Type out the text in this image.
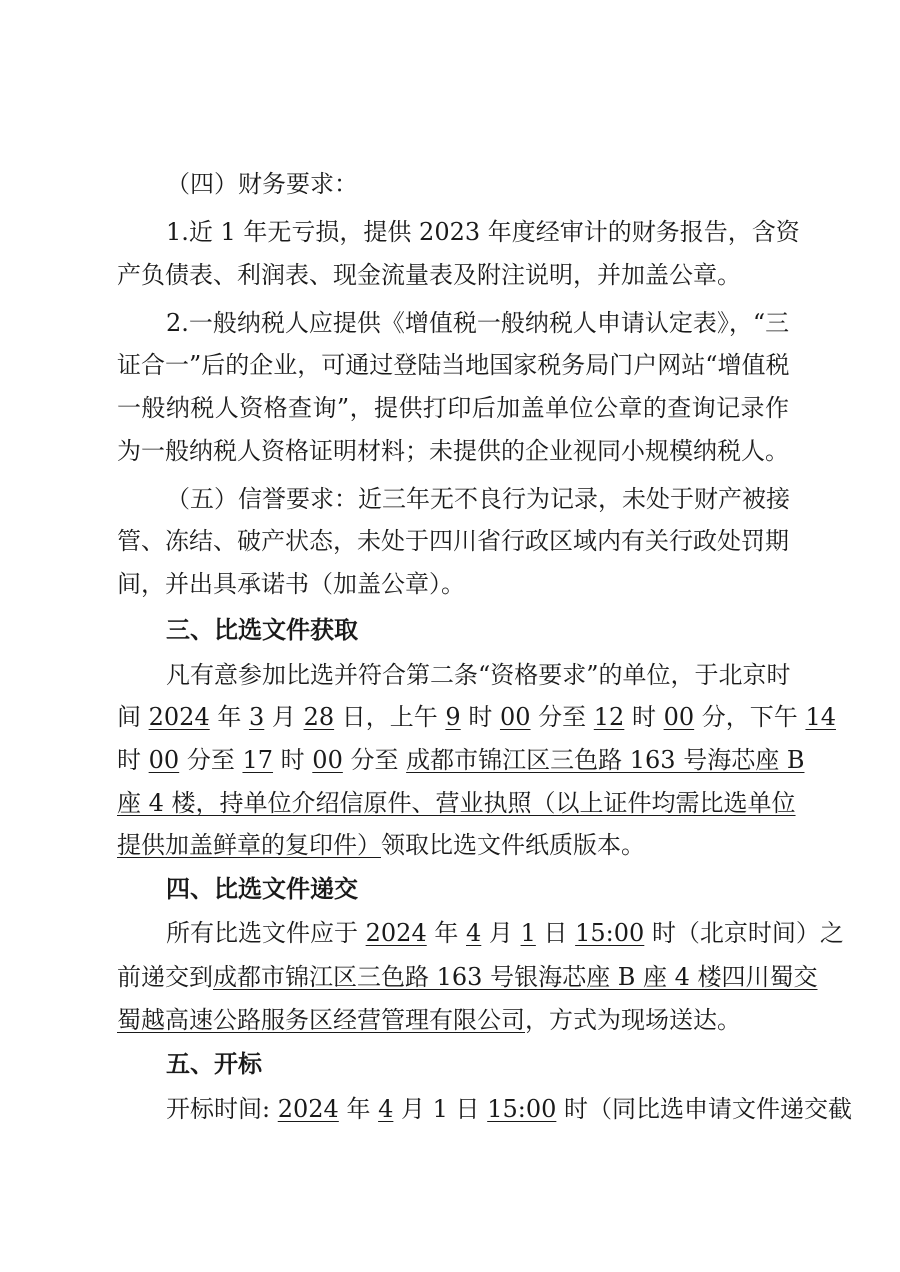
（四）财务要求：
1.近 1 年无亏损，提供 2023 年度经审计的财务报告，含资
产负债表、利润表、现金流量表及附注说明，并加盖公章。
2.一般纳税人应提供《增值税一般纳税人申请认定表》，“三
证合一”后的企业，可通过登陆当地国家税务局门户网站“增值税
一般纳税人资格查询”，提供打印后加盖单位公章的查询记录作
为一般纳税人资格证明材料；未提供的企业视同小规模纳税人。
（五）信誉要求：近三年无不良行为记录，未处于财产被接
管、冻结、破产状态，未处于四川省行政区域内有关行政处罚期
间，并出具承诺书（加盖公章）。
三、比选文件获取
凡有意参加比选并符合第二条“资格要求”的单位，于北京时
间 2024 年 3 月 28 日，上午 9 时 00 分至 12 时 00 分，下午 14
时 00 分至 17 时 00 分至 成都市锦江区三色路 163 号海芯座 B
座 4 楼，持单位介绍信原件、营业执照（以上证件均需比选单位
提供加盖鲜章的复印件）领取比选文件纸质版本。
四、比选文件递交
所有比选文件应于 2024 年 4 月 1 日 15:00 时（北京时间）之
前递交到成都市锦江区三色路 163 号银海芯座 B 座 4 楼四川蜀交
蜀越高速公路服务区经营管理有限公司，方式为现场送达。
五、开标
开标时间: 2024 年 4 月 1 日 15:00 时（同比选申请文件递交截
